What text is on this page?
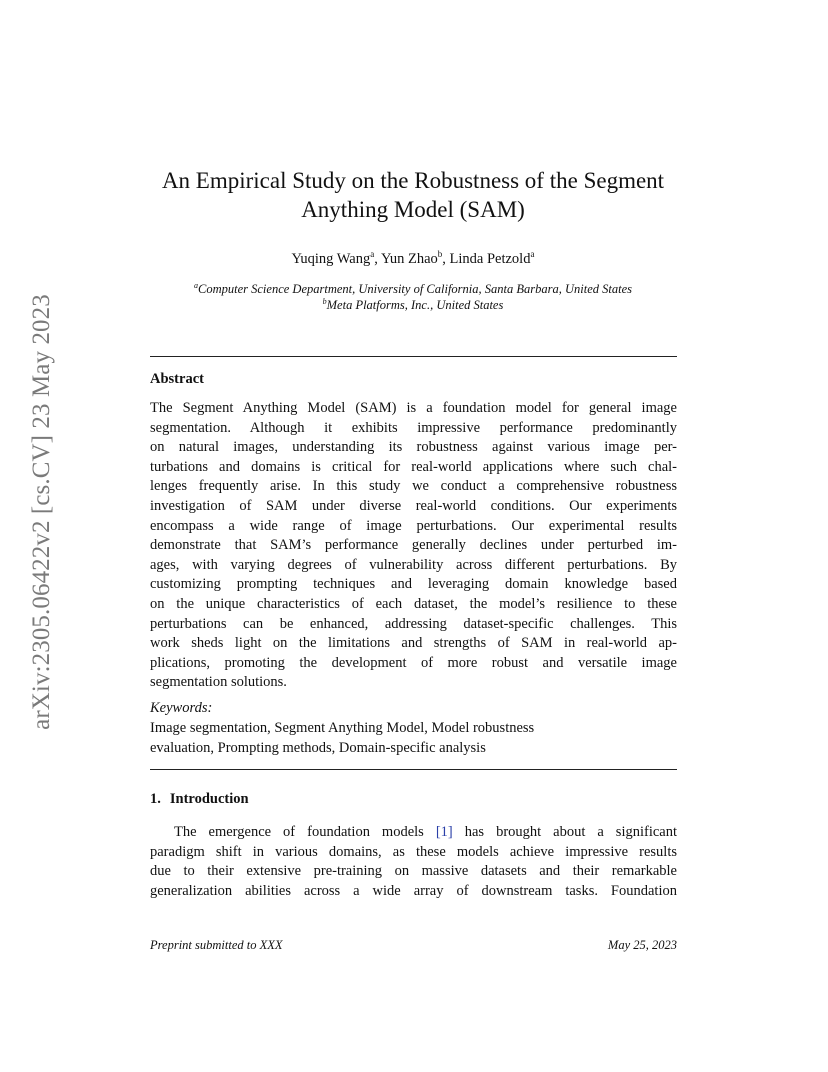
arXiv:2305.06422v2 [cs.CV] 23 May 2023
An Empirical Study on the Robustness of the Segment
Anything Model (SAM)
Yuqing Wang$^a$, Yun Zhao$^b$, Linda Petzold$^a$
$^a$Computer Science Department, University of California, Santa Barbara, United States
$^b$Meta Platforms, Inc., United States
Abstract
The Segment Anything Model (SAM) is a foundation model for general image
segmentation. Although it exhibits impressive performance predominantly
on natural images, understanding its robustness against various image per-
turbations and domains is critical for real-world applications where such chal-
lenges frequently arise. In this study we conduct a comprehensive robustness
investigation of SAM under diverse real-world conditions. Our experiments
encompass a wide range of image perturbations. Our experimental results
demonstrate that SAM’s performance generally declines under perturbed im-
ages, with varying degrees of vulnerability across different perturbations. By
customizing prompting techniques and leveraging domain knowledge based
on the unique characteristics of each dataset, the model’s resilience to these
perturbations can be enhanced, addressing dataset-specific challenges. This
work sheds light on the limitations and strengths of SAM in real-world ap-
plications, promoting the development of more robust and versatile image
segmentation solutions.
Keywords:
Image segmentation, Segment Anything Model, Model robustness
evaluation, Prompting methods, Domain-specific analysis
1. Introduction
The emergence of foundation models [1] has brought about a significant
paradigm shift in various domains, as these models achieve impressive results
due to their extensive pre-training on massive datasets and their remarkable
generalization abilities across a wide array of downstream tasks. Foundation
Preprint submitted to XXX	May 25, 2023
